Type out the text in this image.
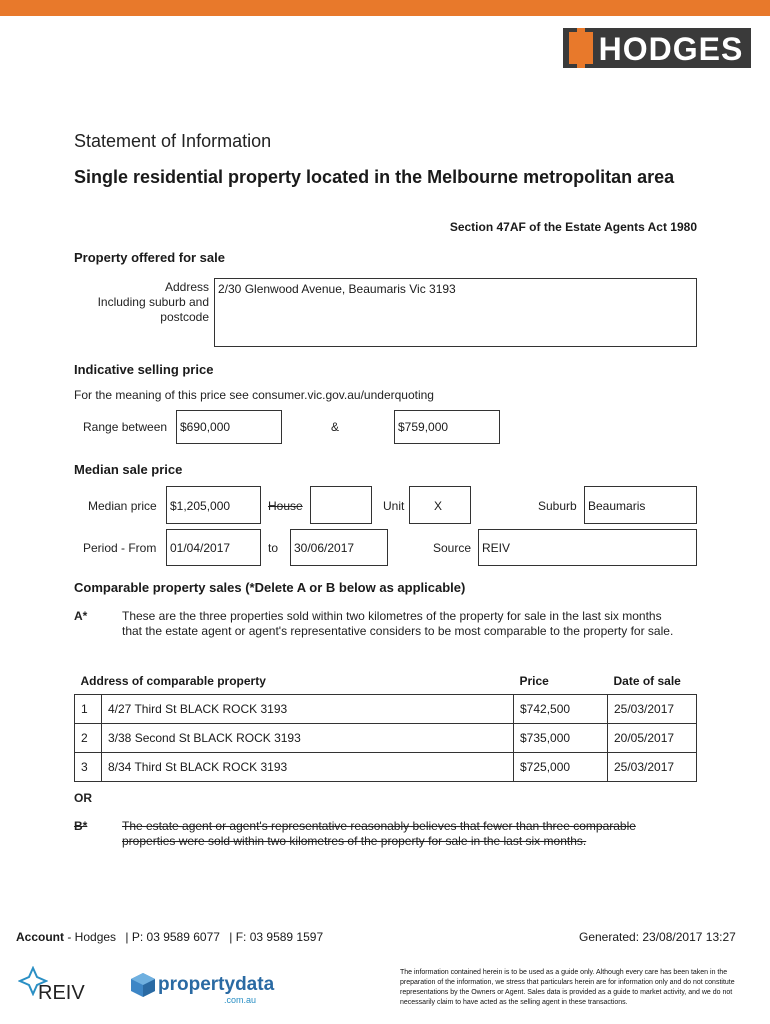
HODGES
Statement of Information
Single residential property located in the Melbourne metropolitan area
Section 47AF of the Estate Agents Act 1980
Property offered for sale
Address
Including suburb and
postcode
2/30 Glenwood Avenue, Beaumaris Vic 3193
Indicative selling price
For the meaning of this price see consumer.vic.gov.au/underquoting
Range between	$690,000	&	$759,000
Median sale price
Median price	$1,205,000	House	Unit	X	Suburb Beaumaris
Period - From	01/04/2017	to	30/06/2017	Source REIV
Comparable property sales (*Delete A or B below as applicable)
A*	These are the three properties sold within two kilometres of the property for sale in the last six months that the estate agent or agent's representative considers to be most comparable to the property for sale.
Address of comparable property		Price	Date of sale
1	4/27 Third St BLACK ROCK 3193	$742,500	25/03/2017
2	3/38 Second St BLACK ROCK 3193	$735,000	20/05/2017
3	8/34 Third St BLACK ROCK 3193	$725,000	25/03/2017
OR
B*	The estate agent or agent's representative reasonably believes that fewer than three comparable properties were sold within two kilometres of the property for sale in the last six months.
Account - Hodges | P: 03 9589 6077 | F: 03 9589 1597	Generated: 23/08/2017 13:27
REIV	propertydata
.com.au
The information contained herein is to be used as a guide only. Although every care has been taken in the preparation of the information, we stress that particulars herein are for information only and do not constitute representations by the Owners or Agent. Sales data is provided as a guide to market activity, and we do not necessarily claim to have acted as the selling agent in these transactions.
